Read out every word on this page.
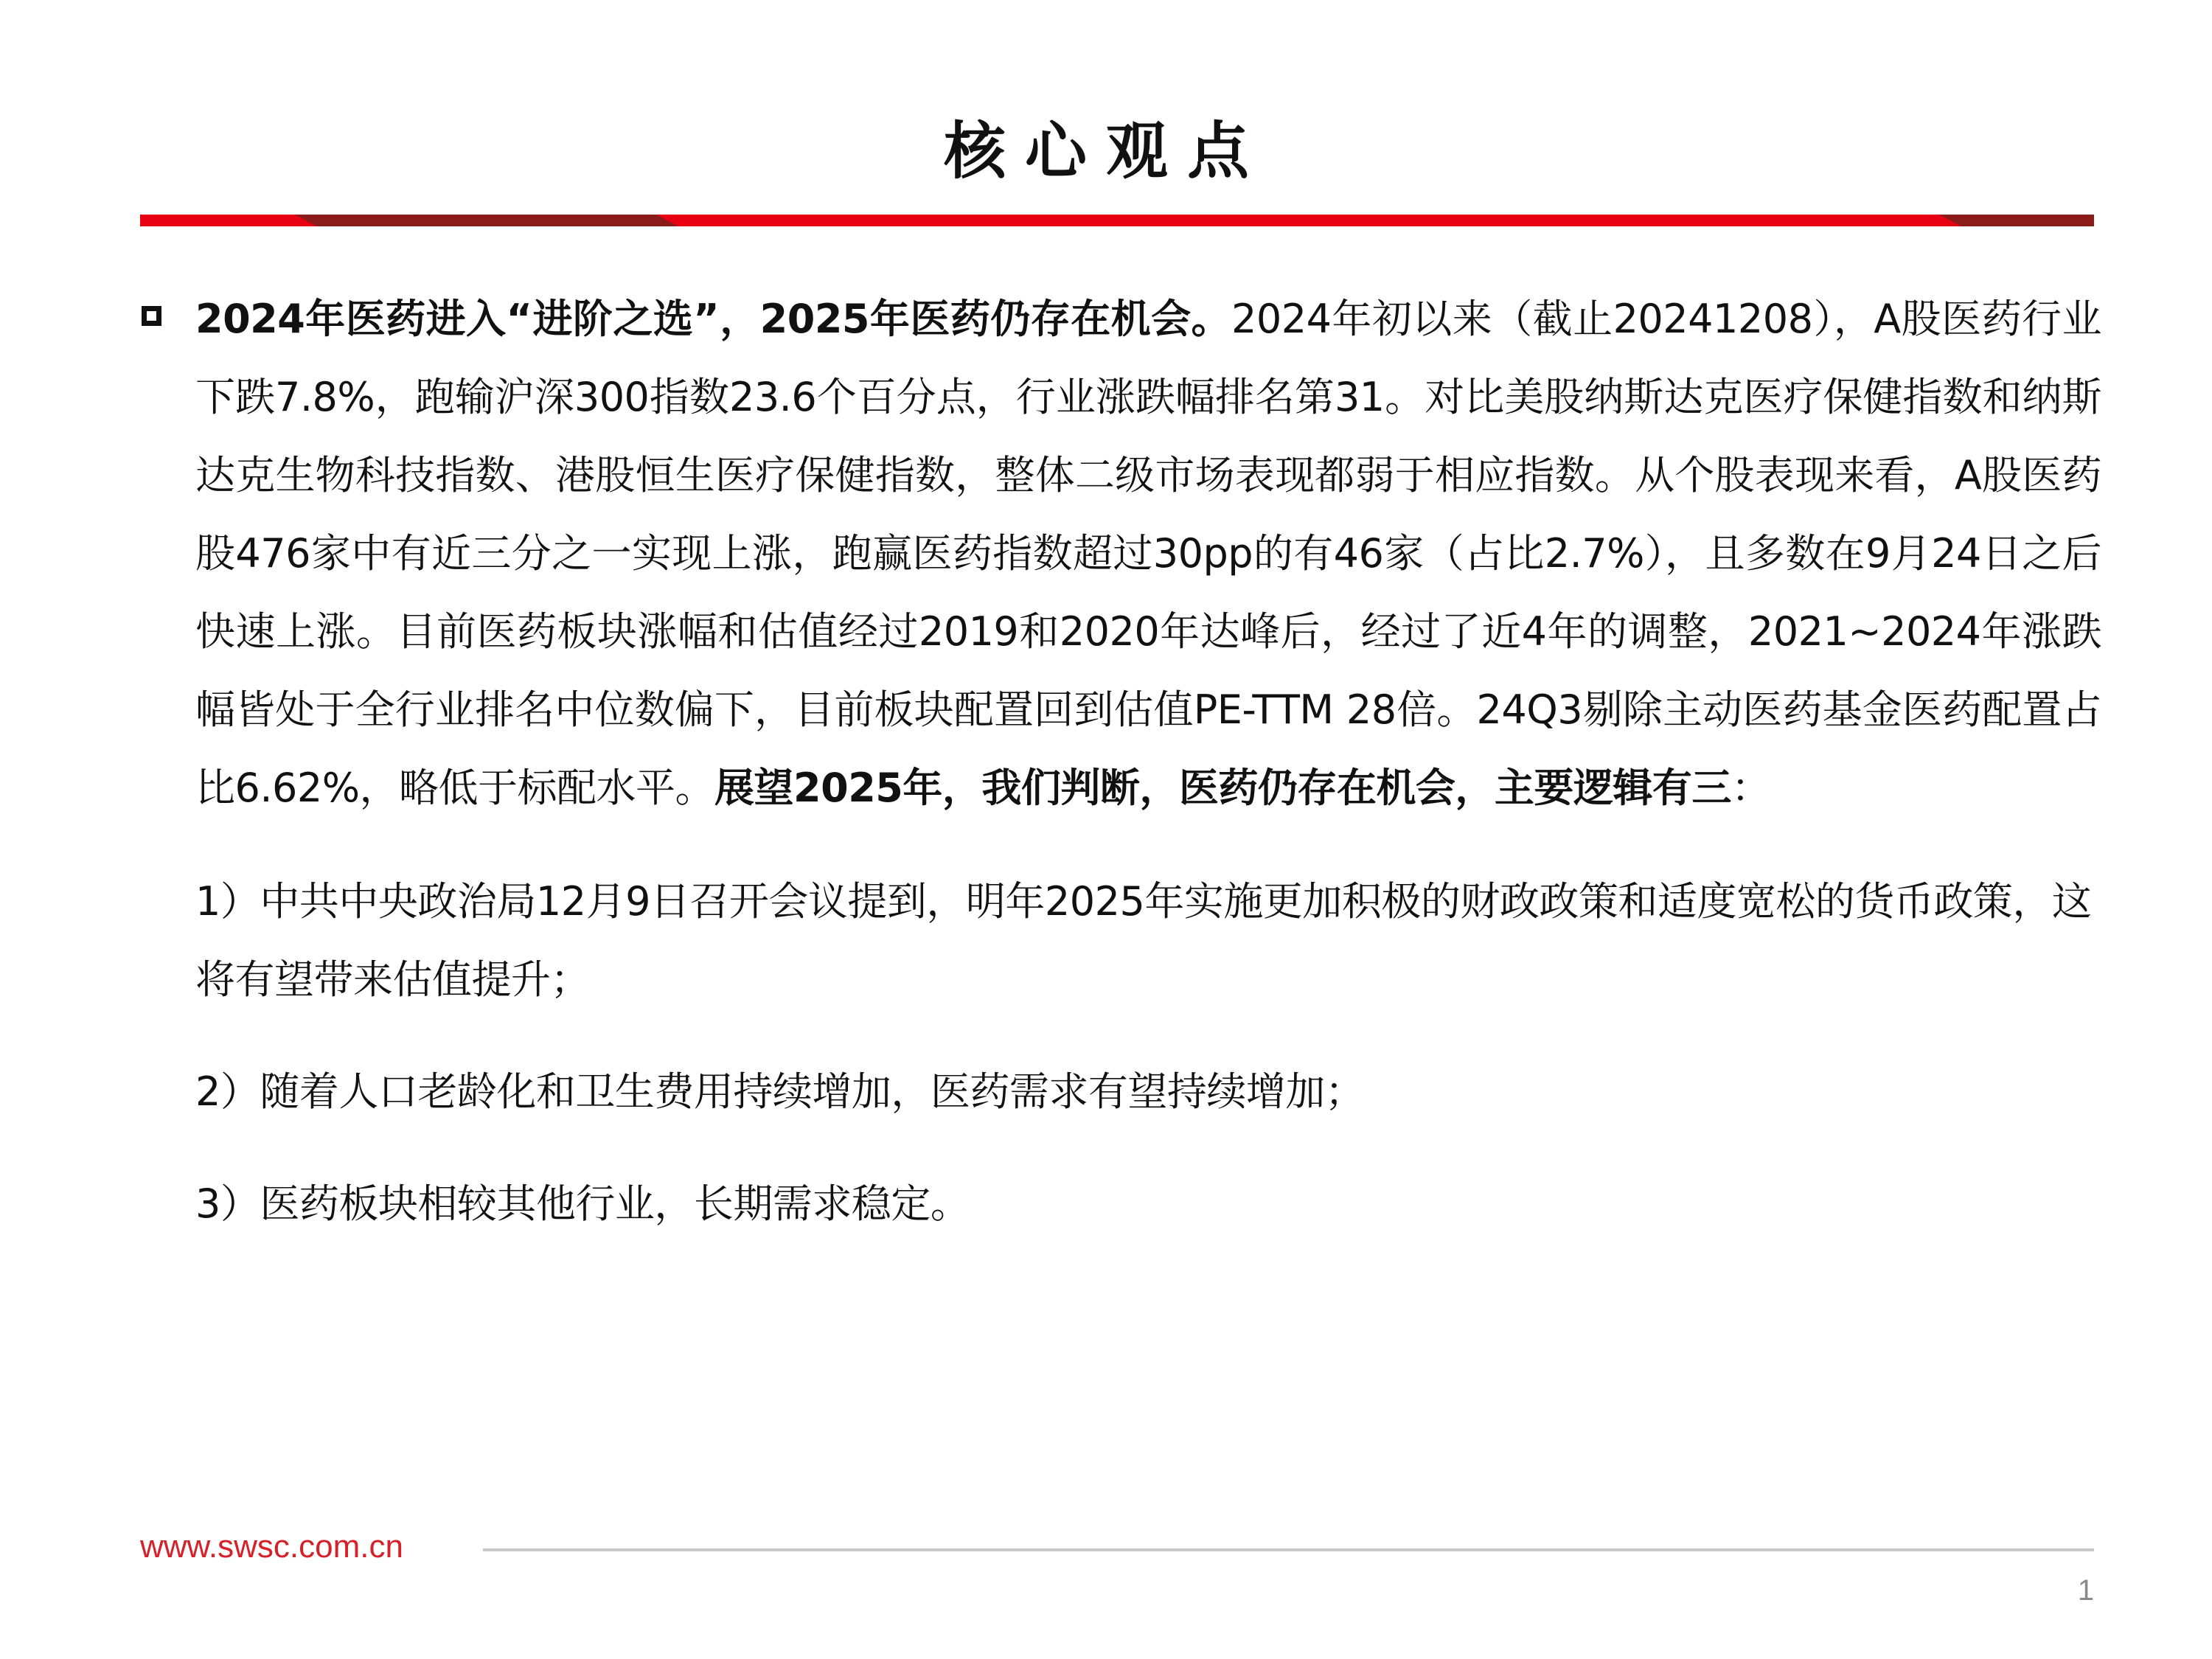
核心观点

2024年医药进入“进阶之选”，2025年医药仍存在机会。2024年初以来（截止20241208），A股医药行业下跌7.8%，跑输沪深300指数23.6个百分点，行业涨跌幅排名第31。对比美股纳斯达克医疗保健指数和纳斯达克生物科技指数、港股恒生医疗保健指数，整体二级市场表现都弱于相应指数。从个股表现来看，A股医药股476家中有近三分之一实现上涨，跑赢医药指数超过30pp的有46家（占比2.7%），且多数在9月24日之后快速上涨。目前医药板块涨幅和估值经过2019和2020年达峰后，经过了近4年的调整，2021~2024年涨跌幅皆处于全行业排名中位数偏下，目前板块配置回到估值PE-TTM 28倍。24Q3剔除主动医药基金医药配置占比6.62%，略低于标配水平。展望2025年，我们判断，医药仍存在机会，主要逻辑有三：

1）中共中央政治局12月9日召开会议提到，明年2025年实施更加积极的财政政策和适度宽松的货币政策，这将有望带来估值提升；

2）随着人口老龄化和卫生费用持续增加，医药需求有望持续增加；

3）医药板块相较其他行业，长期需求稳定。

www.swsc.com.cn
1
